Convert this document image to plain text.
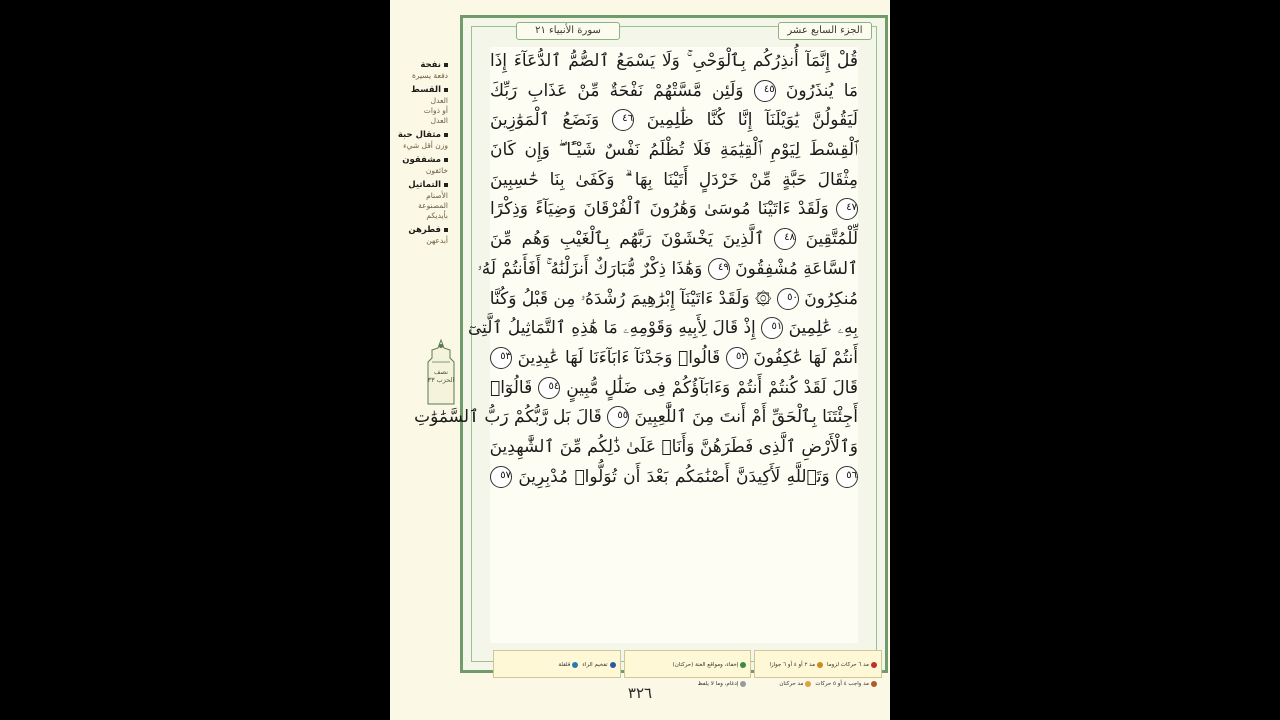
نفحة
دفعة يسيرة
القسط
العدل
أو ذوات
العدل
مثقال حبة
وزن أقل شيء
مشفقون
خائفون
التماثيل
الأصنام
المصنوعة
بأيديكم
فطرهن
أبدعهن
نصف الحزب ٣٣
الجزء السابع عشر
سورة الأنبياء ٢١
قُلْ إِنَّمَآ أُنذِرُكُم بِٱلْوَحْىِ ۚ وَلَا يَسْمَعُ ٱلصُّمُّ ٱلدُّعَآءَ إِذَا
مَا يُنذَرُونَ ٤٥ وَلَئِن مَّسَّتْهُمْ نَفْحَةٌ مِّنْ عَذَابِ رَبِّكَ
لَيَقُولُنَّ يَٰوَيْلَنَآ إِنَّا كُنَّا ظَٰلِمِينَ ٤٦ وَنَضَعُ ٱلْمَوَٰزِينَ
ٱلْقِسْطَ لِيَوْمِ ٱلْقِيَٰمَةِ فَلَا تُظْلَمُ نَفْسٌ شَيْـًٔا ۖ وَإِن كَانَ
مِثْقَالَ حَبَّةٍ مِّنْ خَرْدَلٍ أَتَيْنَا بِهَا ۗ وَكَفَىٰ بِنَا حَٰسِبِينَ
٤٧ وَلَقَدْ ءَاتَيْنَا مُوسَىٰ وَهَٰرُونَ ٱلْفُرْقَانَ وَضِيَآءً وَذِكْرًا
لِّلْمُتَّقِينَ ٤٨ ٱلَّذِينَ يَخْشَوْنَ رَبَّهُم بِٱلْغَيْبِ وَهُم مِّنَ
ٱلسَّاعَةِ مُشْفِقُونَ ٤٩ وَهَٰذَا ذِكْرٌ مُّبَارَكٌ أَنزَلْنَٰهُ ۚ أَفَأَنتُمْ لَهُۥ
مُنكِرُونَ ٥٠ ۞ وَلَقَدْ ءَاتَيْنَآ إِبْرَٰهِيمَ رُشْدَهُۥ مِن قَبْلُ وَكُنَّا
بِهِۦ عَٰلِمِينَ ٥١ إِذْ قَالَ لِأَبِيهِ وَقَوْمِهِۦ مَا هَٰذِهِ ٱلتَّمَاثِيلُ ٱلَّتِىٓ
أَنتُمْ لَهَا عَٰكِفُونَ ٥٢ قَالُوا۟ وَجَدْنَآ ءَابَآءَنَا لَهَا عَٰبِدِينَ ٥٣
قَالَ لَقَدْ كُنتُمْ أَنتُمْ وَءَابَآؤُكُمْ فِى ضَلَٰلٍ مُّبِينٍ ٥٤ قَالُوٓا۟
أَجِئْتَنَا بِٱلْحَقِّ أَمْ أَنتَ مِنَ ٱللَّٰعِبِينَ ٥٥ قَالَ بَل رَّبُّكُمْ رَبُّ ٱلسَّمَٰوَٰتِ
وَٱلْأَرْضِ ٱلَّذِى فَطَرَهُنَّ وَأَنَا۠ عَلَىٰ ذَٰلِكُم مِّنَ ٱلشَّٰهِدِينَ
٥٦ وَتَٱللَّهِ لَأَكِيدَنَّ أَصْنَٰمَكُم بَعْدَ أَن تُوَلُّوا۟ مُدْبِرِينَ ٥٧
مد ٦ حركات لزوما
مد ٢ أو ٤ أو ٦ جوازا
مد واجب ٤ أو ٥ حركات
مد حركتان
إخفاء، ومواقع الغنة (حركتان)
إدغام، وما لا يلفظ
تفخيم الراء
قلقلة
٣٢٦
